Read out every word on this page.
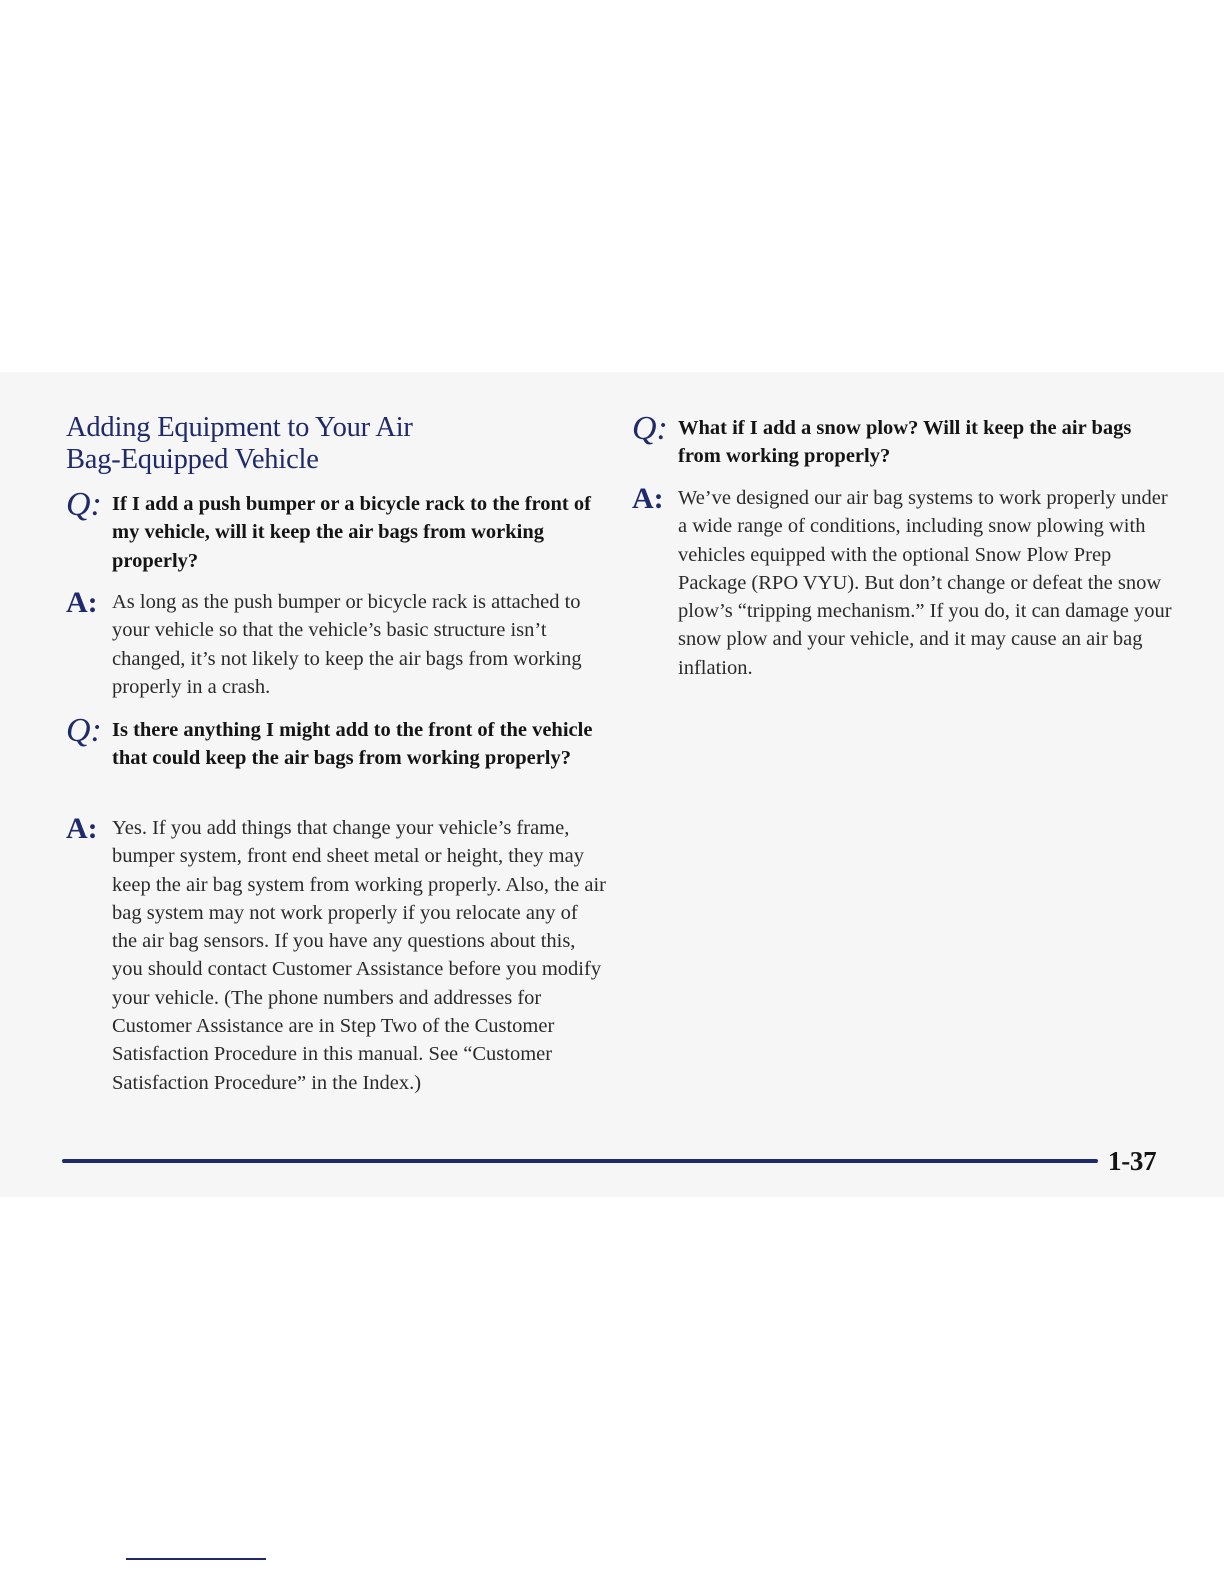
Adding Equipment to Your Air
Bag-Equipped Vehicle
Q: If I add a push bumper or a bicycle rack to the front of my vehicle, will it keep the air bags from working properly?
A: As long as the push bumper or bicycle rack is attached to your vehicle so that the vehicle’s basic structure isn’t changed, it’s not likely to keep the air bags from working properly in a crash.
Q: Is there anything I might add to the front of the vehicle that could keep the air bags from working properly?
A: Yes. If you add things that change your vehicle’s frame, bumper system, front end sheet metal or height, they may keep the air bag system from working properly. Also, the air bag system may not work properly if you relocate any of the air bag sensors. If you have any questions about this, you should contact Customer Assistance before you modify your vehicle. (The phone numbers and addresses for Customer Assistance are in Step Two of the Customer Satisfaction Procedure in this manual. See “Customer Satisfaction Procedure” in the Index.)
Q: What if I add a snow plow? Will it keep the air bags from working properly?
A: We’ve designed our air bag systems to work properly under a wide range of conditions, including snow plowing with vehicles equipped with the optional Snow Plow Prep Package (RPO VYU). But don’t change or defeat the snow plow’s “tripping mechanism.” If you do, it can damage your snow plow and your vehicle, and it may cause an air bag inflation.
1-37
